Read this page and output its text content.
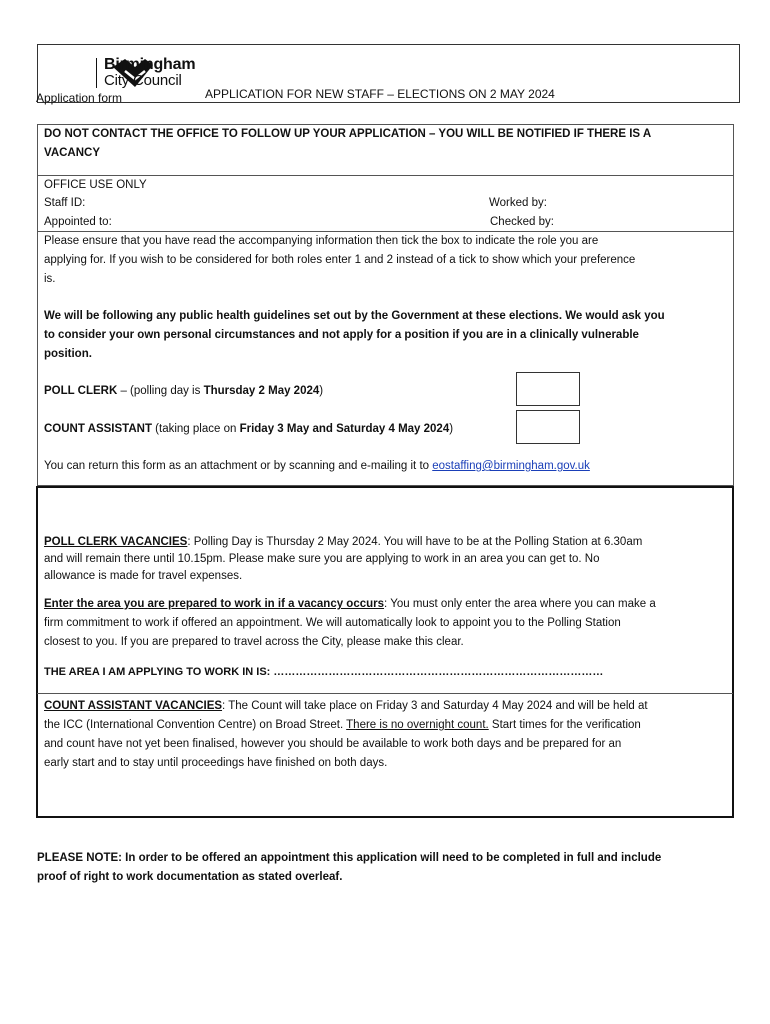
Birmingham
City Council
Application form	APPLICATION FOR NEW STAFF – ELECTIONS ON 2 MAY 2024
DO NOT CONTACT THE OFFICE TO FOLLOW UP YOUR APPLICATION – YOU WILL BE NOTIFIED IF THERE IS A
VACANCY
OFFICE USE ONLY
Staff ID:	Worked by:
Appointed to:	Checked by:
Please ensure that you have read the accompanying information then tick the box to indicate the role you are
applying for. If you wish to be considered for both roles enter 1 and 2 instead of a tick to show which your preference
is.
We will be following any public health guidelines set out by the Government at these elections. We would ask you
to consider your own personal circumstances and not apply for a position if you are in a clinically vulnerable
position.
POLL CLERK – (polling day is Thursday 2 May 2024)
COUNT ASSISTANT (taking place on Friday 3 May and Saturday 4 May 2024)
You can return this form as an attachment or by scanning and e-mailing it to eostaffing@birmingham.gov.uk
POLL CLERK VACANCIES: Polling Day is Thursday 2 May 2024. You will have to be at the Polling Station at 6.30am
and will remain there until 10.15pm. Please make sure you are applying to work in an area you can get to. No
allowance is made for travel expenses.
Enter the area you are prepared to work in if a vacancy occurs: You must only enter the area where you can make a
firm commitment to work if offered an appointment. We will automatically look to appoint you to the Polling Station
closest to you. If you are prepared to travel across the City, please make this clear.
THE AREA I AM APPLYING TO WORK IN IS: ………………………………………………………………………………
COUNT ASSISTANT VACANCIES: The Count will take place on Friday 3 and Saturday 4 May 2024 and will be held at
the ICC (International Convention Centre) on Broad Street. There is no overnight count. Start times for the verification
and count have not yet been finalised, however you should be available to work both days and be prepared for an
early start and to stay until proceedings have finished on both days.
PLEASE NOTE: In order to be offered an appointment this application will need to be completed in full and include
proof of right to work documentation as stated overleaf.
